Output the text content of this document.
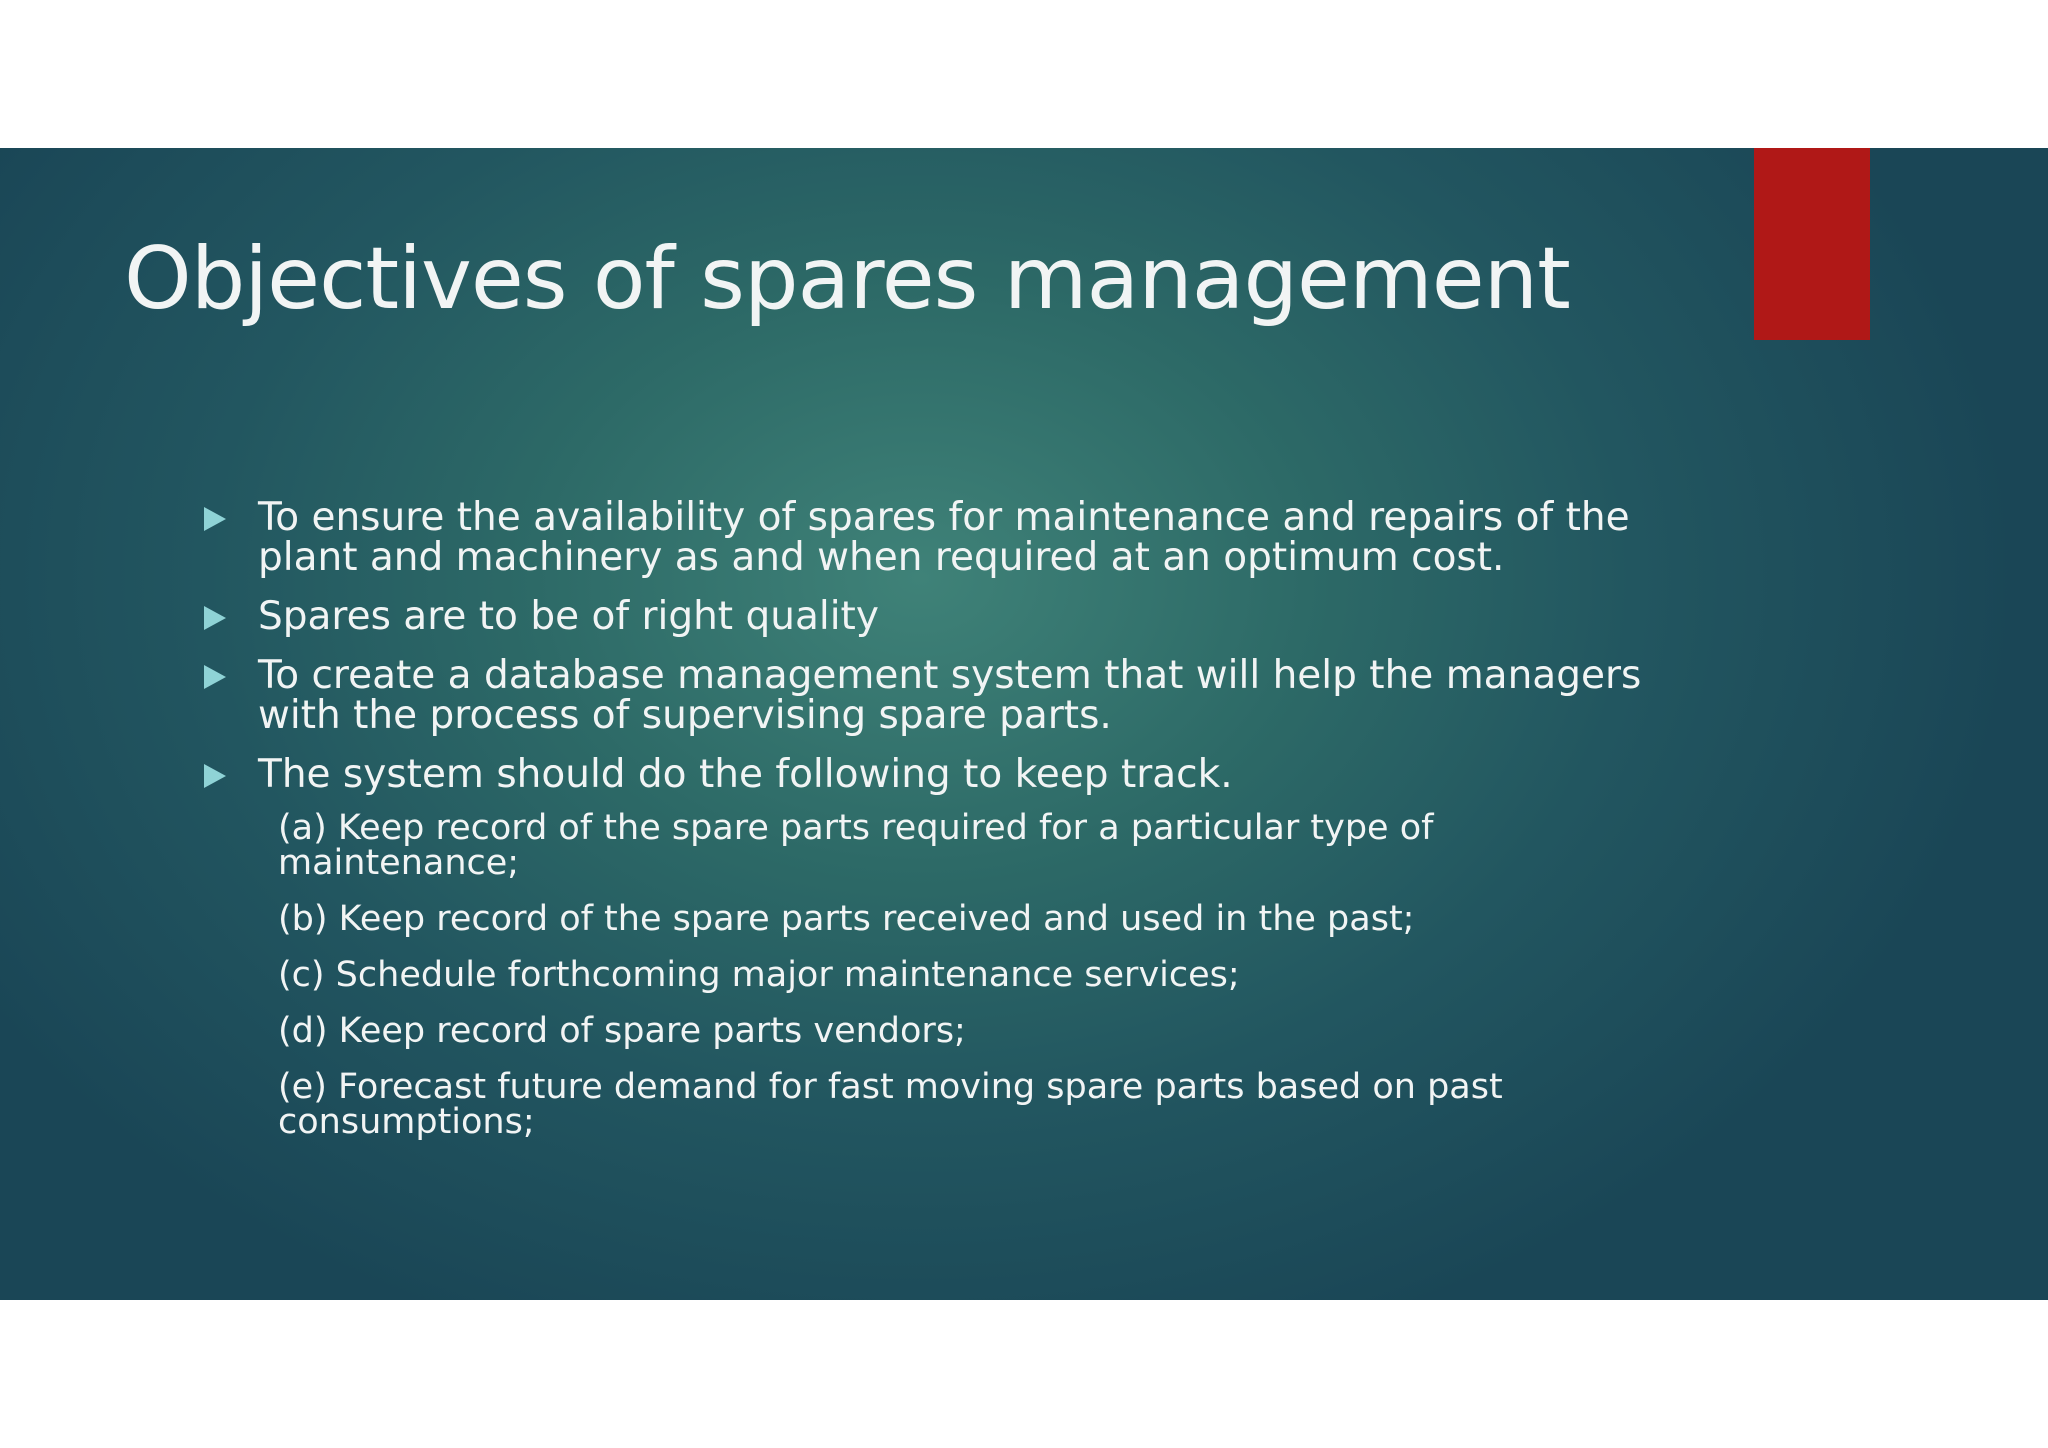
Objectives of spares management
To ensure the availability of spares for maintenance and repairs of the plant and machinery as and when required at an optimum cost.
Spares are to be of right quality
To create a database management system that will help the managers with the process of supervising spare parts.
The system should do the following to keep track.
(a) Keep record of the spare parts required for a particular type of maintenance;
(b) Keep record of the spare parts received and used in the past;
(c) Schedule forthcoming major maintenance services;
(d) Keep record of spare parts vendors;
(e) Forecast future demand for fast moving spare parts based on past consumptions;
